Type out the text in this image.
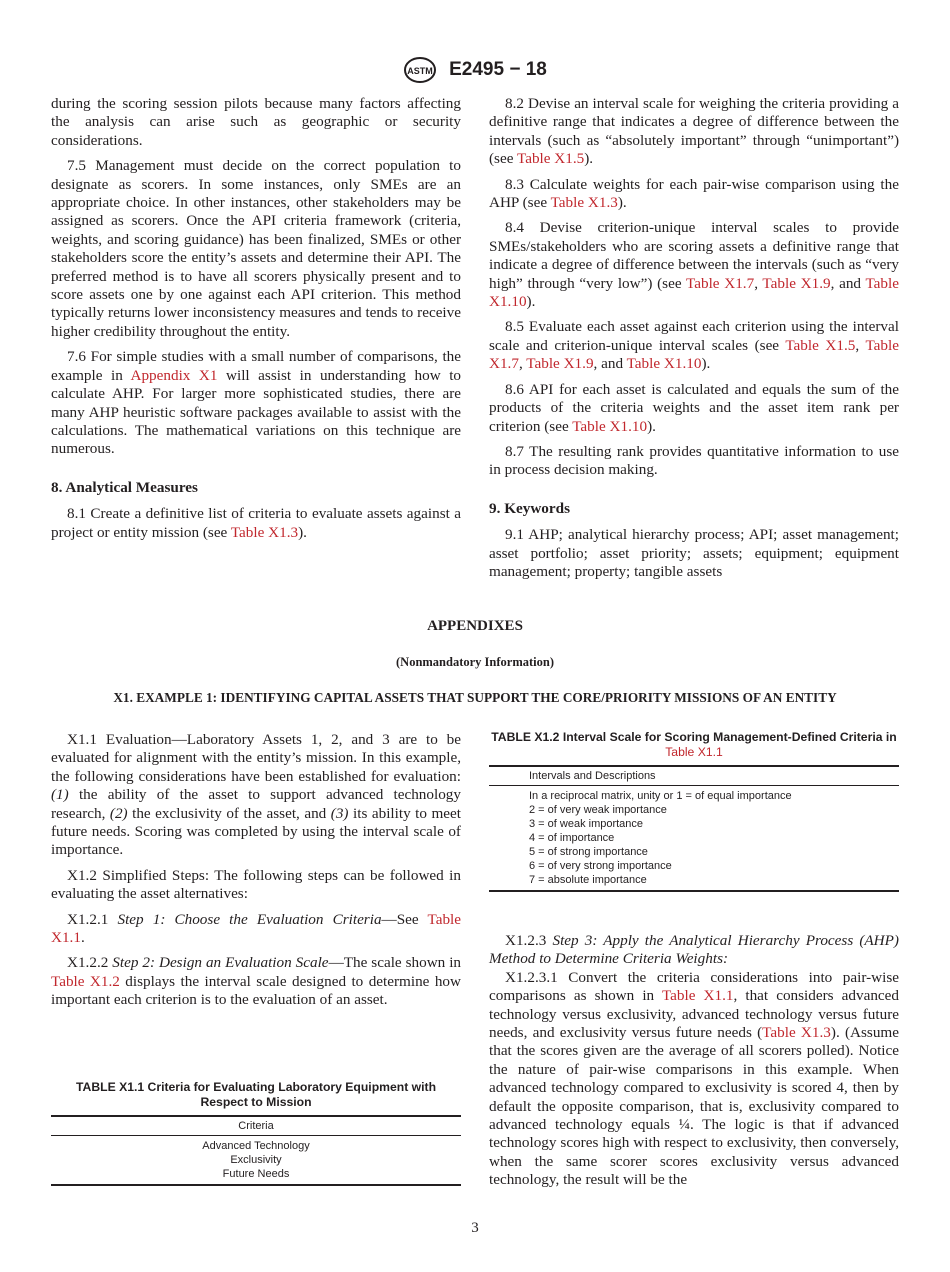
ASTM E2495 − 18

during the scoring session pilots because many factors affecting the analysis can arise such as geographic or security considerations.

7.5 Management must decide on the correct population to designate as scorers. In some instances, only SMEs are an appropriate choice. In other instances, other stakeholders may be assigned as scorers. Once the API criteria framework (criteria, weights, and scoring guidance) has been finalized, SMEs or other stakeholders score the entity’s assets and determine their API. The preferred method is to have all scorers physically present and to score assets one by one against each API criterion. This method typically returns lower inconsistency measures and tends to receive higher credibility throughout the entity.

7.6 For simple studies with a small number of comparisons, the example in Appendix X1 will assist in understanding how to calculate AHP. For larger more sophisticated studies, there are many AHP heuristic software packages available to assist with the calculations. The mathematical variations on this technique are numerous.

8. Analytical Measures

8.1 Create a definitive list of criteria to evaluate assets against a project or entity mission (see Table X1.3).

8.2 Devise an interval scale for weighing the criteria providing a definitive range that indicates a degree of difference between the intervals (such as “absolutely important” through “unimportant”) (see Table X1.5).

8.3 Calculate weights for each pair-wise comparison using the AHP (see Table X1.3).

8.4 Devise criterion-unique interval scales to provide SMEs/stakeholders who are scoring assets a definitive range that indicate a degree of difference between the intervals (such as “very high” through “very low”) (see Table X1.7, Table X1.9, and Table X1.10).

8.5 Evaluate each asset against each criterion using the interval scale and criterion-unique interval scales (see Table X1.5, Table X1.7, Table X1.9, and Table X1.10).

8.6 API for each asset is calculated and equals the sum of the products of the criteria weights and the asset item rank per criterion (see Table X1.10).

8.7 The resulting rank provides quantitative information to use in process decision making.

9. Keywords

9.1 AHP; analytical hierarchy process; API; asset management; asset portfolio; asset priority; assets; equipment; equipment management; property; tangible assets

APPENDIXES
(Nonmandatory Information)
X1. EXAMPLE 1: IDENTIFYING CAPITAL ASSETS THAT SUPPORT THE CORE/PRIORITY MISSIONS OF AN ENTITY

X1.1 Evaluation—Laboratory Assets 1, 2, and 3 are to be evaluated for alignment with the entity’s mission. In this example, the following considerations have been established for evaluation: (1) the ability of the asset to support advanced technology research, (2) the exclusivity of the asset, and (3) its ability to meet future needs. Scoring was completed by using the interval scale of importance.

X1.2 Simplified Steps: The following steps can be followed in evaluating the asset alternatives:

X1.2.1 Step 1: Choose the Evaluation Criteria—See Table X1.1.

X1.2.2 Step 2: Design an Evaluation Scale—The scale shown in Table X1.2 displays the interval scale designed to determine how important each criterion is to the evaluation of an asset.

TABLE X1.1 Criteria for Evaluating Laboratory Equipment with Respect to Mission
Criteria
Advanced Technology
Exclusivity
Future Needs
TABLE X1.2 Interval Scale for Scoring Management-Defined Criteria in Table X1.1
Intervals and Descriptions
In a reciprocal matrix, unity or 1 = of equal importance
2 = of very weak importance
3 = of weak importance
4 = of importance
5 = of strong importance
6 = of very strong importance
7 = absolute importance

X1.2.3 Step 3: Apply the Analytical Hierarchy Process (AHP) Method to Determine Criteria Weights:

X1.2.3.1 Convert the criteria considerations into pair-wise comparisons as shown in Table X1.1, that considers advanced technology versus exclusivity, advanced technology versus future needs, and exclusivity versus future needs (Table X1.3). (Assume that the scores given are the average of all scorers polled). Notice the nature of pair-wise comparisons in this example. When advanced technology compared to exclusivity is scored 4, then by default the opposite comparison, that is, exclusivity compared to advanced technology equals ¼. The logic is that if advanced technology scores high with respect to exclusivity, then conversely, when the same scorer scores exclusivity versus advanced technology, the result will be the

3
